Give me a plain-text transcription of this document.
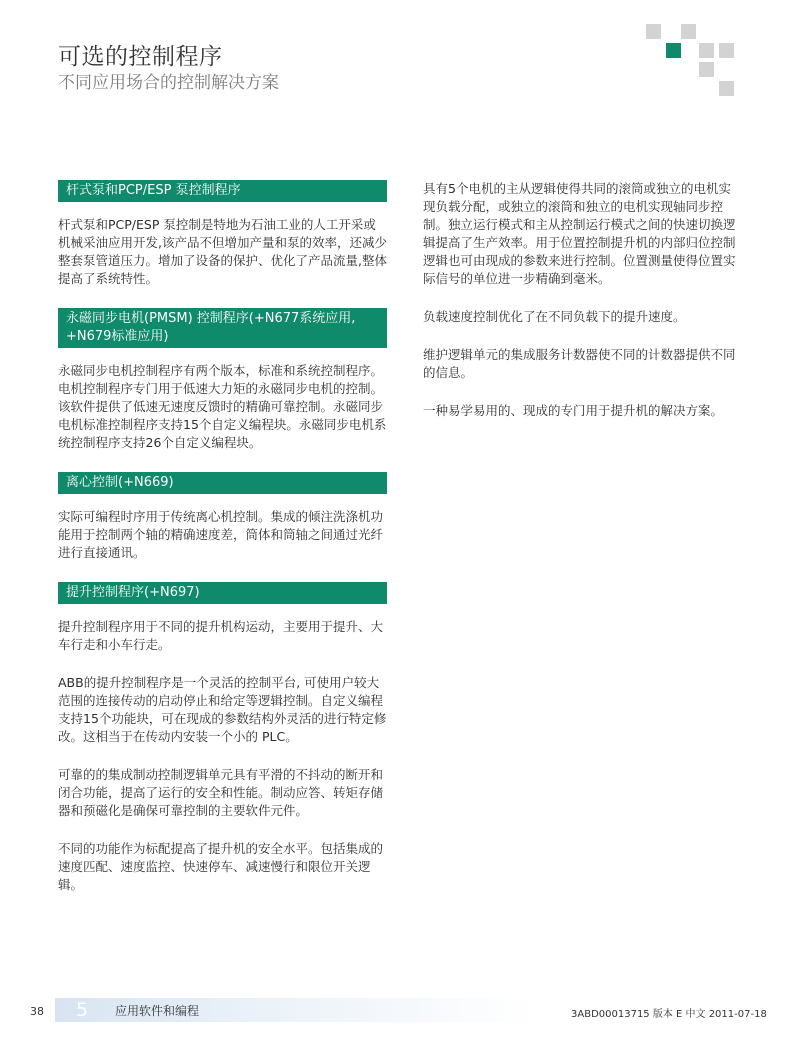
可选的控制程序
不同应用场合的控制解决方案
杆式泵和PCP/ESP 泵控制程序
杆式泵和PCP/ESP 泵控制是特地为石油工业的人工开采或机械采油应用开发,该产品不但增加产量和泵的效率，还减少整套泵管道压力。增加了设备的保护、优化了产品流量,整体提高了系统特性。
永磁同步电机(PMSM) 控制程序(+N677系统应用, +N679标准应用)
永磁同步电机控制程序有两个版本，标准和系统控制程序。电机控制程序专门用于低速大力矩的永磁同步电机的控制。该软件提供了低速无速度反馈时的精确可靠控制。永磁同步电机标准控制程序支持15个自定义编程块。永磁同步电机系统控制程序支持26个自定义编程块。
离心控制(+N669)
实际可编程时序用于传统离心机控制。集成的倾注洗涤机功能用于控制两个轴的精确速度差，筒体和筒轴之间通过光纤进行直接通讯。
提升控制程序(+N697)
提升控制程序用于不同的提升机构运动，主要用于提升、大车行走和小车行走。
ABB的提升控制程序是一个灵活的控制平台, 可使用户较大范围的连接传动的启动停止和给定等逻辑控制。自定义编程支持15个功能块，可在现成的参数结构外灵活的进行特定修改。这相当于在传动内安装一个小的 PLC。
可靠的的集成制动控制逻辑单元具有平滑的不抖动的断开和闭合功能，提高了运行的安全和性能。制动应答、转矩存储器和预磁化是确保可靠控制的主要软件元件。
不同的功能作为标配提高了提升机的安全水平。包括集成的速度匹配、速度监控、快速停车、减速慢行和限位开关逻辑。
具有5个电机的主从逻辑使得共同的滚筒或独立的电机实现负载分配，或独立的滚筒和独立的电机实现轴同步控制。独立运行模式和主从控制运行模式之间的快速切换逻辑提高了生产效率。用于位置控制提升机的内部归位控制逻辑也可由现成的参数来进行控制。位置测量使得位置实际信号的单位进一步精确到毫米。
负载速度控制优化了在不同负载下的提升速度。
维护逻辑单元的集成服务计数器使不同的计数器提供不同的信息。
一种易学易用的、现成的专门用于提升机的解决方案。
38 5 应用软件和编程	3ABD00013715 版本 E 中文 2011-07-18
